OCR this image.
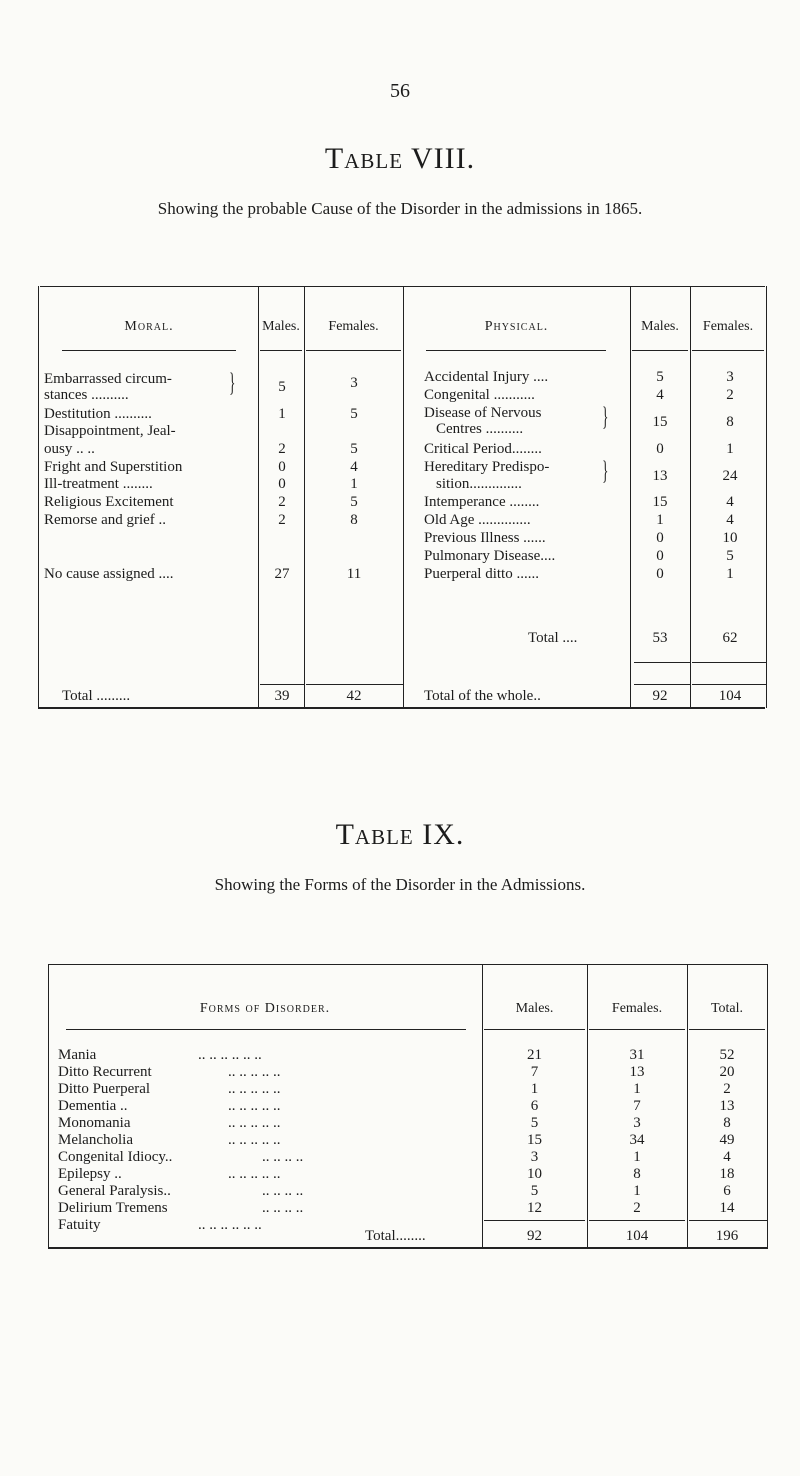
56
Table VIII.
Showing the probable Cause of the Disorder in the admissions in 1865.
Moral.	Males.	Females.	Physical.	Males.	Females.
Embarrassed circum-
stances ..........	}	5	3
Destitution ..........	1	5
Disappointment, Jeal-
ousy .. ..	2	5
Fright and Superstition	0	4
Ill-treatment ........	0	1
Religious Excitement	2	5
Remorse and grief ..	2	8
No cause assigned ....	27	11
Total .........	39	42
Accidental Injury ....	5	3
Congenital ...........	4	2
Disease of Nervous
Centres ..........	}	15	8
Critical Period........	0	1
Hereditary Predispo-
sition..............	}	13	24
Intemperance ........	15	4
Old Age ..............	1	4
Previous Illness ......	0	10
Pulmonary Disease....	0	5
Puerperal ditto ......	0	1
Total ....	53	62
Total of the whole..	92	104
Table IX.
Showing the Forms of the Disorder in the Admissions.
Forms of Disorder.	Males.	Females.	Total.
Mania	.. .. .. .. .. ..	21	31	52
Ditto Recurrent	.. .. .. .. ..	7	13	20
Ditto Puerperal	.. .. .. .. ..	1	1	2
Dementia ..	.. .. .. .. ..	6	7	13
Monomania	.. .. .. .. ..	5	3	8
Melancholia	.. .. .. .. ..	15	34	49
Congenital Idiocy..	.. .. .. ..	3	1	4
Epilepsy ..	.. .. .. .. ..	10	8	18
General Paralysis..	.. .. .. ..	5	1	6
Delirium Tremens	.. .. .. ..	12	2	14
Fatuity	.. .. .. .. .. ..
Total........	92	104	196
